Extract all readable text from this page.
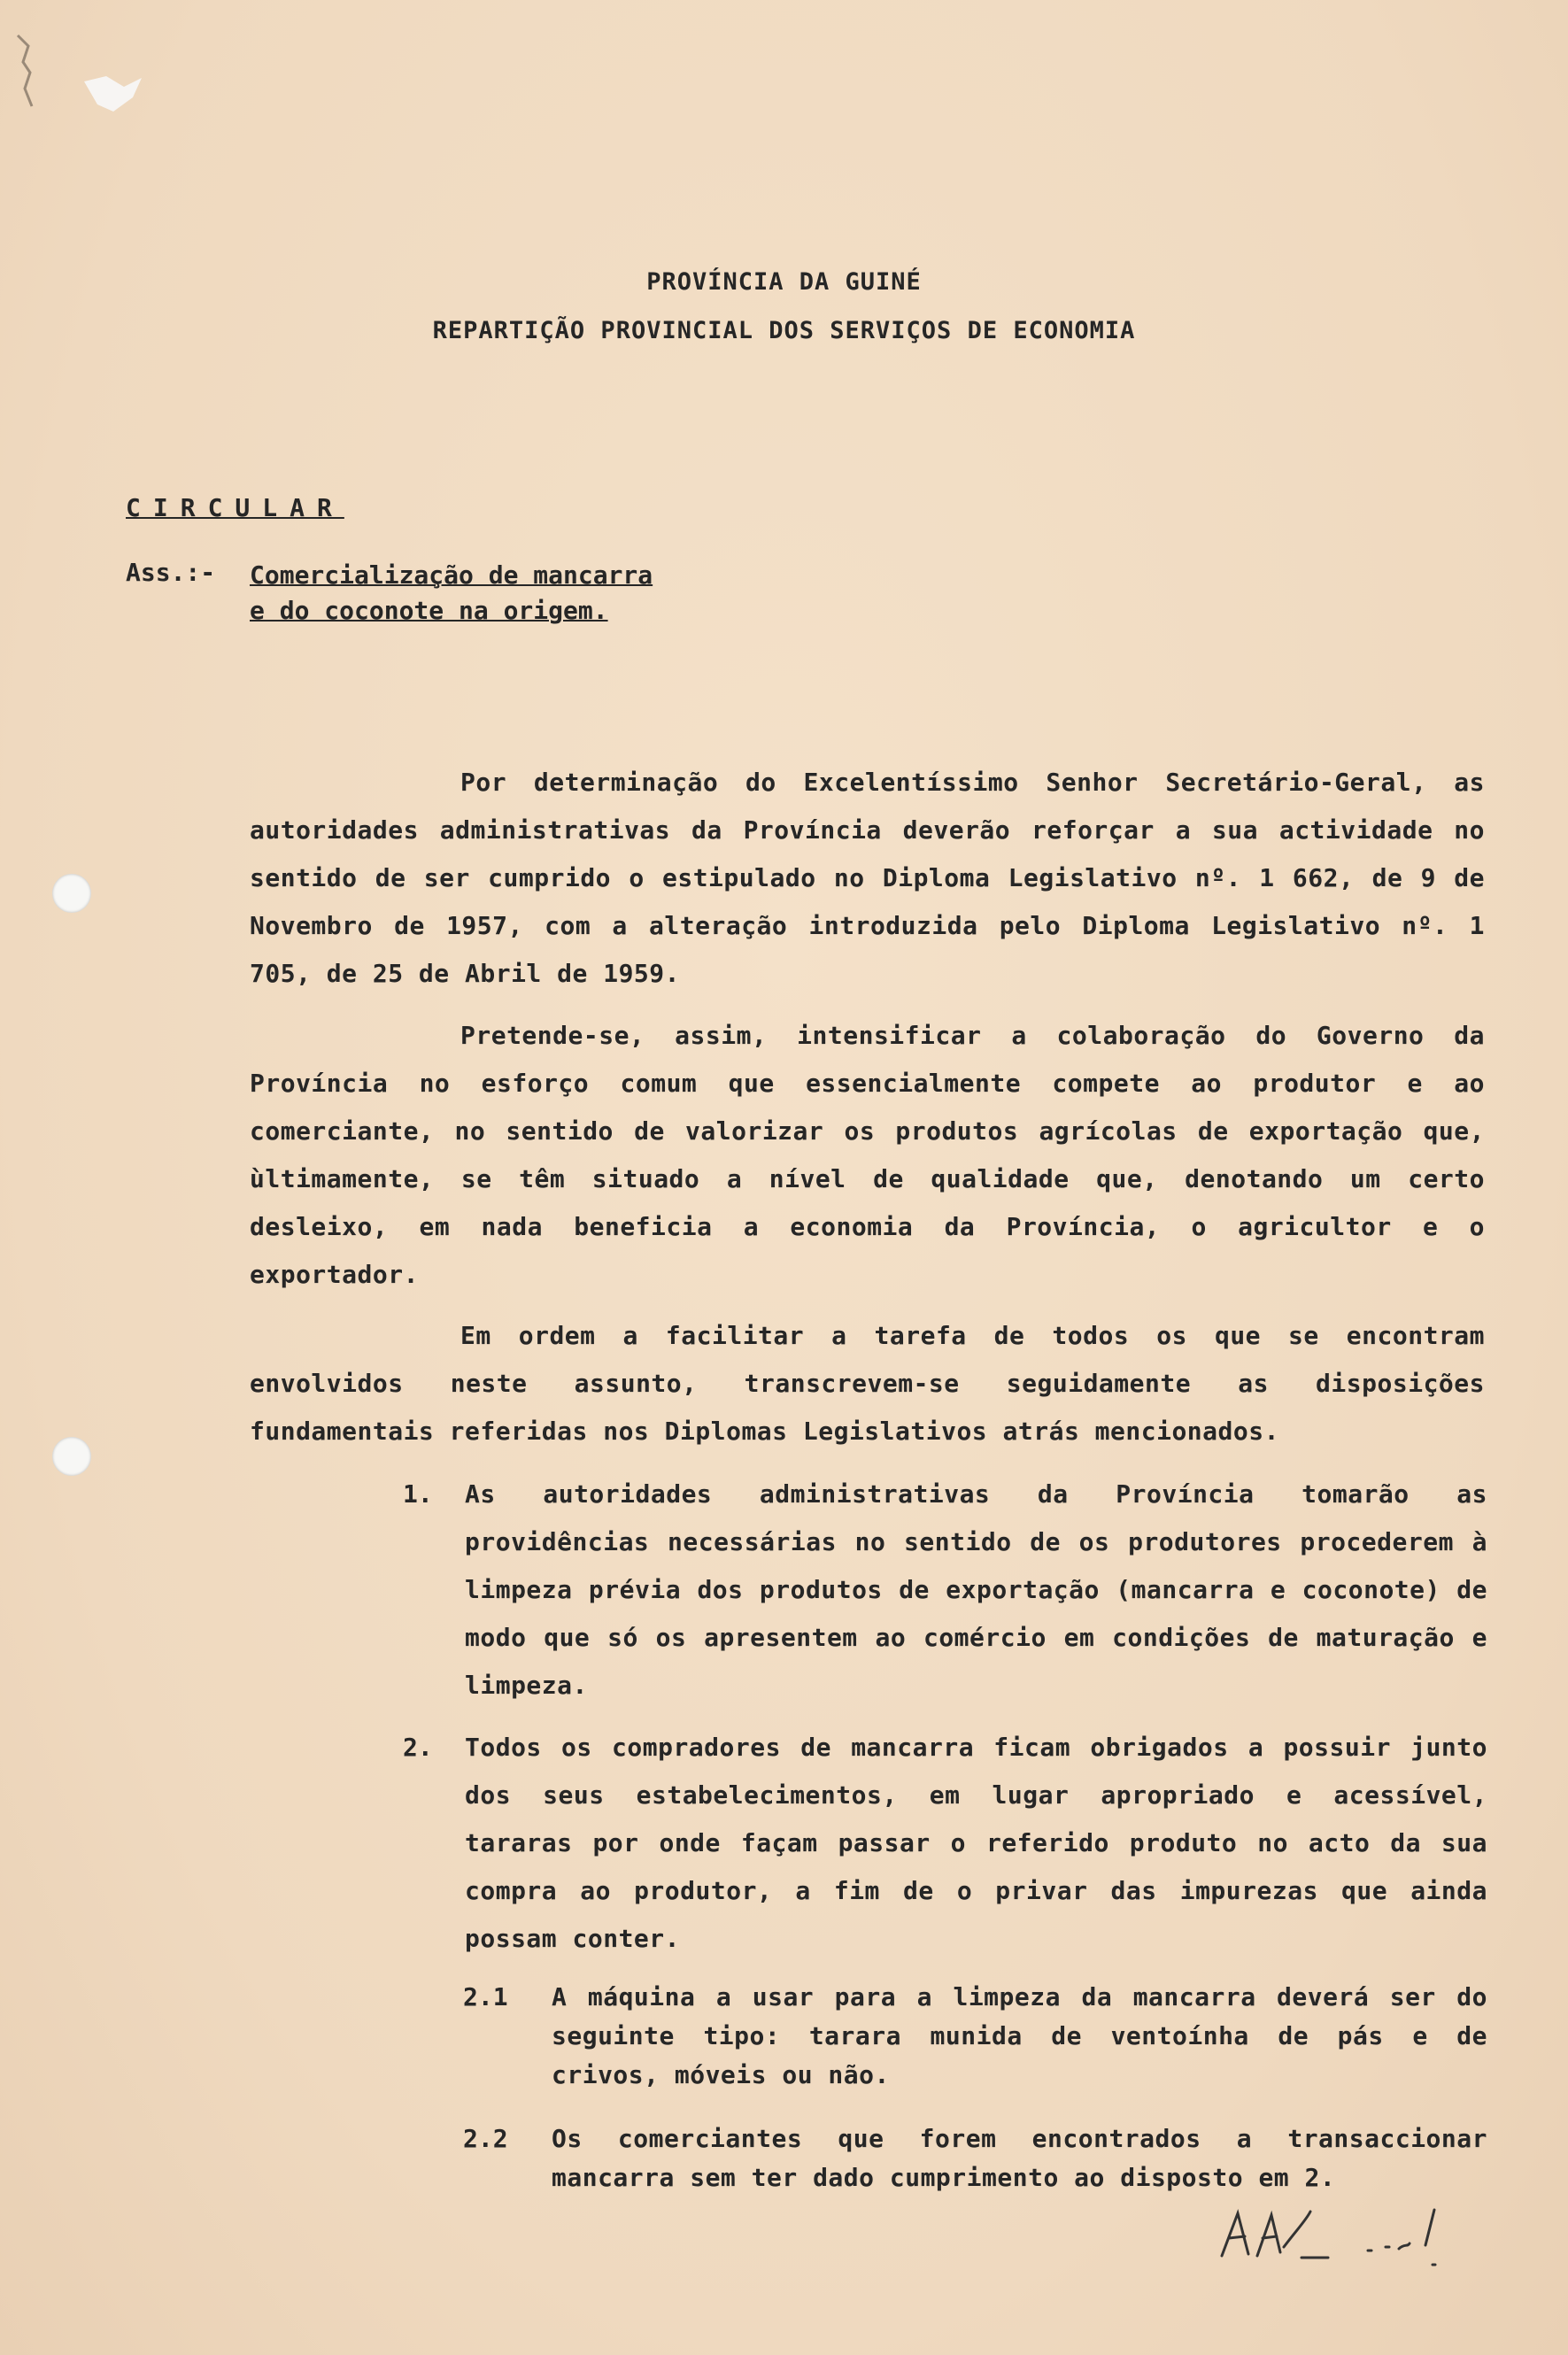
PROVÍNCIA DA GUINÉ
REPARTIÇÃO PROVINCIAL DOS SERVIÇOS DE ECONOMIA
CIRCULAR
Ass.:- Comercialização de mancarra
e do coconote na origem.
Por determinação do Excelentíssimo Senhor Secretário-Geral, as autoridades administrativas da Província deverão reforçar a sua actividade no sentido de ser cumprido o estipulado no Diploma Legislativo nº. 1 662, de 9 de Novembro de 1957, com a alteração introduzida pelo Diploma Legislativo nº. 1 705, de 25 de Abril de 1959.
Pretende-se, assim, intensificar a colaboração do Governo da Província no esforço comum que essencialmente compete ao produtor e ao comerciante, no sentido de valorizar os produtos agrícolas de exportação que, ùltimamente, se têm situado a nível de qualidade que, denotando um certo desleixo, em nada beneficia a economia da Província, o agricultor e o exportador.
Em ordem a facilitar a tarefa de todos os que se encontram envolvidos neste assunto, transcrevem-se seguidamente as disposições fundamentais referidas nos Diplomas Legislativos atrás mencionados.
1.	As autoridades administrativas da Província tomarão as providências necessárias no sentido de os produtores procederem à limpeza prévia dos produtos de exportação (mancarra e coconote) de modo que só os apresentem ao comércio em condições de maturação e limpeza.
2.	Todos os compradores de mancarra ficam obrigados a possuir junto dos seus estabelecimentos, em lugar apropriado e acessível, tararas por onde façam passar o referido produto no acto da sua compra ao produtor, a fim de o privar das impurezas que ainda possam conter.
2.1	A máquina a usar para a limpeza da mancarra deverá ser do seguinte tipo: tarara munida de ventoínha de pás e de crivos, móveis ou não.
2.2	Os comerciantes que forem encontrados a transaccionar mancarra sem ter dado cumprimento ao disposto em 2.
